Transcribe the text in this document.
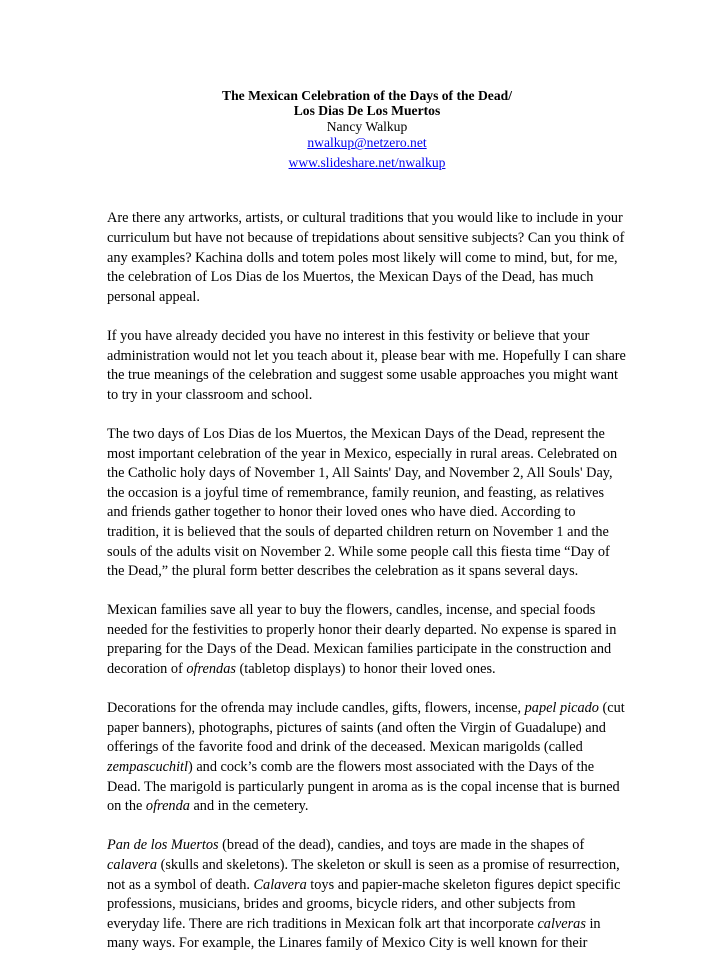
The Mexican Celebration of the Days of the Dead/
Los Dias De Los Muertos
Nancy Walkup
nwalkup@netzero.net
www.slideshare.net/nwalkup

Are there any artworks, artists, or cultural traditions that you would like to include in your curriculum but have not because of trepidations about sensitive subjects? Can you think of any examples? Kachina dolls and totem poles most likely will come to mind, but, for me, the celebration of Los Dias de los Muertos, the Mexican Days of the Dead, has much personal appeal.

If you have already decided you have no interest in this festivity or believe that your administration would not let you teach about it, please bear with me. Hopefully I can share the true meanings of the celebration and suggest some usable approaches you might want to try in your classroom and school.

The two days of Los Dias de los Muertos, the Mexican Days of the Dead, represent the most important celebration of the year in Mexico, especially in rural areas. Celebrated on the Catholic holy days of November 1, All Saints' Day, and November 2, All Souls' Day, the occasion is a joyful time of remembrance, family reunion, and feasting, as relatives and friends gather together to honor their loved ones who have died. According to tradition, it is believed that the souls of departed children return on November 1 and the souls of the adults visit on November 2. While some people call this fiesta time “Day of the Dead,” the plural form better describes the celebration as it spans several days.

Mexican families save all year to buy the flowers, candles, incense, and special foods needed for the festivities to properly honor their dearly departed. No expense is spared in preparing for the Days of the Dead. Mexican families participate in the construction and decoration of ofrendas (tabletop displays) to honor their loved ones.

Decorations for the ofrenda may include candles, gifts, flowers, incense, papel picado (cut paper banners), photographs, pictures of saints (and often the Virgin of Guadalupe) and offerings of the favorite food and drink of the deceased. Mexican marigolds (called zempascuchitl) and cock’s comb are the flowers most associated with the Days of the Dead. The marigold is particularly pungent in aroma as is the copal incense that is burned on the ofrenda and in the cemetery.

Pan de los Muertos (bread of the dead), candies, and toys are made in the shapes of calavera (skulls and skeletons). The skeleton or skull is seen as a promise of resurrection, not as a symbol of death. Calavera toys and papier-mache skeleton figures depict specific professions, musicians, brides and grooms, bicycle riders, and other subjects from everyday life. There are rich traditions in Mexican folk art that incorporate calveras in many ways. For example, the Linares family of Mexico City is well known for their
